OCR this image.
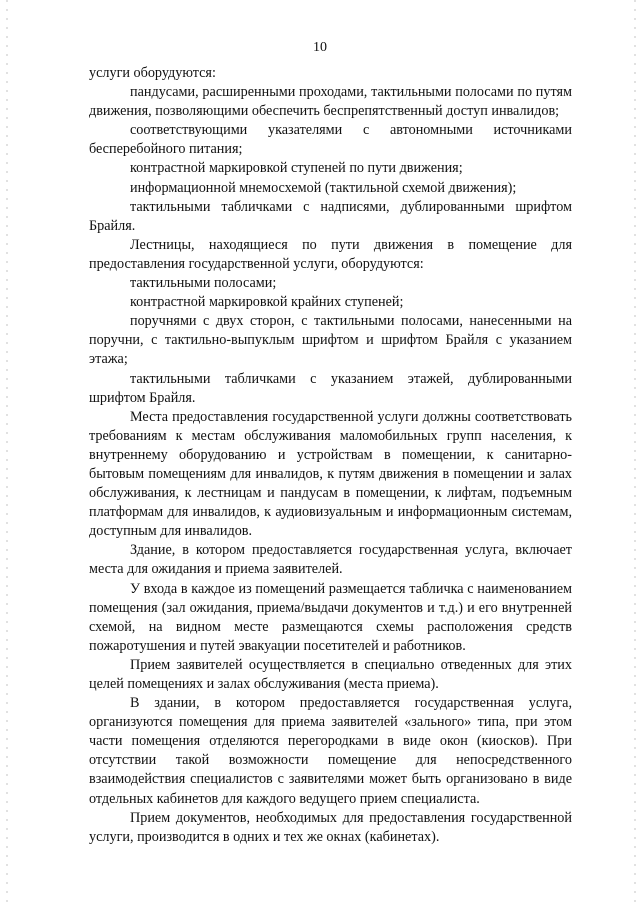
10

услуги оборудуются:

пандусами, расширенными проходами, тактильными полосами по путям движения, позволяющими обеспечить беспрепятственный доступ инвалидов;

соответствующими указателями с автономными источниками бесперебойного питания;

контрастной маркировкой ступеней по пути движения;

информационной мнемосхемой (тактильной схемой движения);

тактильными табличками с надписями, дублированными шрифтом Брайля.

Лестницы, находящиеся по пути движения в помещение для предоставления государственной услуги, оборудуются:

тактильными полосами;

контрастной маркировкой крайних ступеней;

поручнями с двух сторон, с тактильными полосами, нанесенными на поручни, с тактильно-выпуклым шрифтом и шрифтом Брайля с указанием этажа;

тактильными табличками с указанием этажей, дублированными шрифтом Брайля.

Места предоставления государственной услуги должны соответствовать требованиям к местам обслуживания маломобильных групп населения, к внутреннему оборудованию и устройствам в помещении, к санитарно-бытовым помещениям для инвалидов, к путям движения в помещении и залах обслуживания, к лестницам и пандусам в помещении, к лифтам, подъемным платформам для инвалидов, к аудиовизуальным и информационным системам, доступным для инвалидов.

Здание, в котором предоставляется государственная услуга, включает места для ожидания и приема заявителей.

У входа в каждое из помещений размещается табличка с наименованием помещения (зал ожидания, приема/выдачи документов и т.д.) и его внутренней схемой, на видном месте размещаются схемы расположения средств пожаротушения и путей эвакуации посетителей и работников.

Прием заявителей осуществляется в специально отведенных для этих целей помещениях и залах обслуживания (места приема).

В здании, в котором предоставляется государственная услуга, организуются помещения для приема заявителей «зального» типа, при этом части помещения отделяются перегородками в виде окон (киосков). При отсутствии такой возможности помещение для непосредственного взаимодействия специалистов с заявителями может быть организовано в виде отдельных кабинетов для каждого ведущего прием специалиста.

Прием документов, необходимых для предоставления государственной услуги, производится в одних и тех же окнах (кабинетах).
